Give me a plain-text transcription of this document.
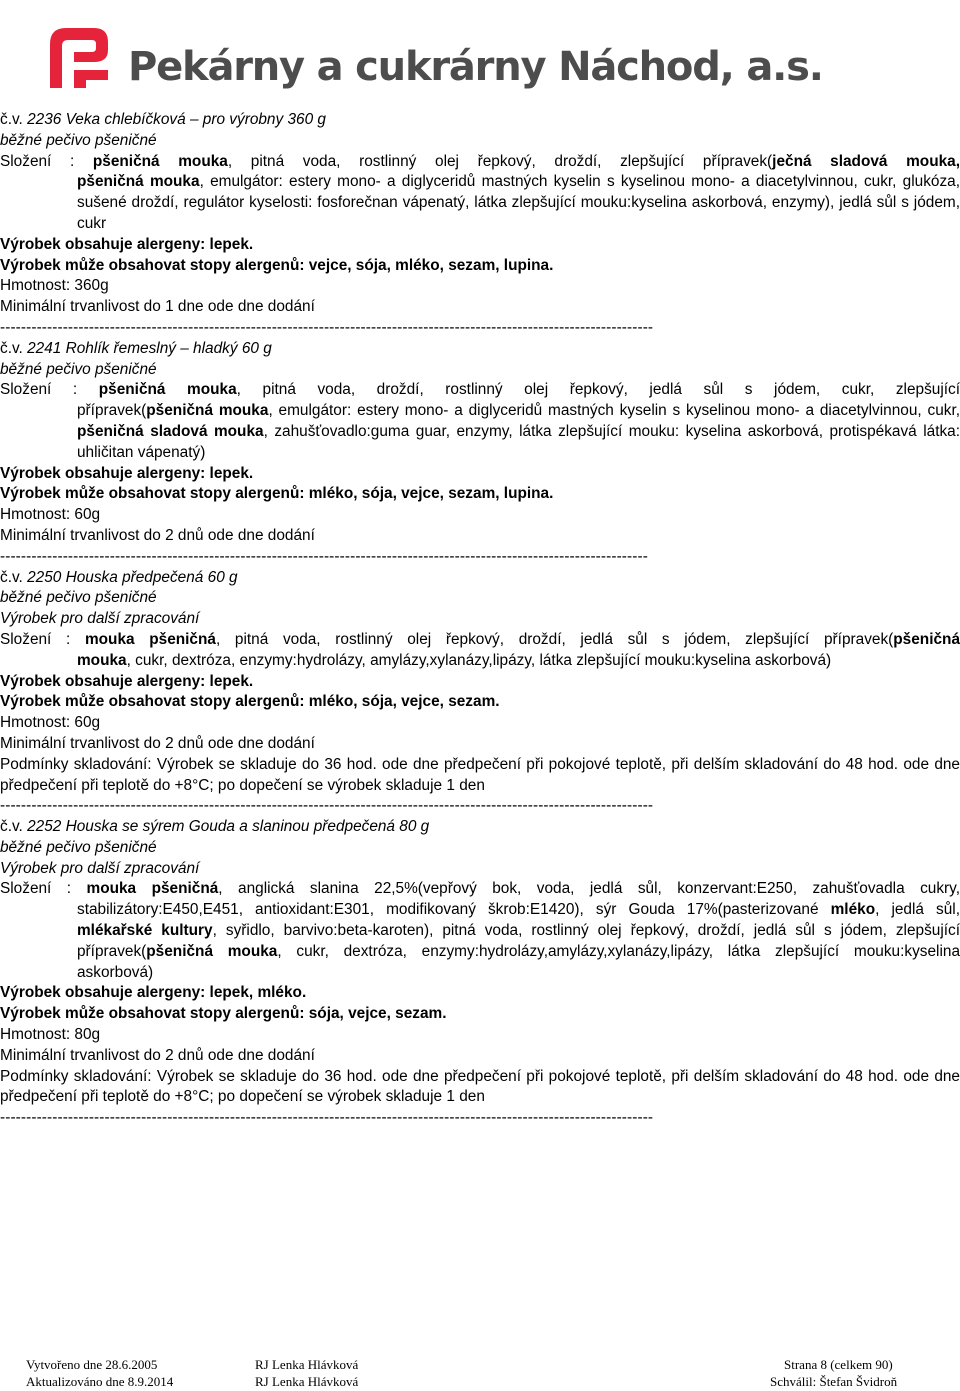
Pekárny a cukrárny Náchod, a.s.
č.v. 2236 Veka chlebíčková – pro výrobny 360 g
běžné pečivo pšeničné
Složení : pšeničná mouka, pitná voda, rostlinný olej řepkový, droždí, zlepšující přípravek(ječná sladová mouka,
pšeničná mouka, emulgátor: estery mono- a diglyceridů mastných kyselin s kyselinou mono- a diacetylvinnou, cukr, glukóza, sušené droždí, regulátor kyselosti: fosforečnan vápenatý, látka zlepšující mouku:kyselina askorbová, enzymy), jedlá sůl s jódem, cukr
Výrobek obsahuje alergeny: lepek.
Výrobek může obsahovat stopy alergenů: vejce, sója, mléko, sezam, lupina.
Hmotnost: 360g
Minimální trvanlivost do 1 dne ode dne dodání
-----------------------------------------------------------------------------------------------------------------------------
č.v. 2241 Rohlík řemeslný – hladký 60 g
běžné pečivo pšeničné
Složení : pšeničná mouka, pitná voda, droždí, rostlinný olej řepkový, jedlá sůl s jódem, cukr, zlepšující
přípravek(pšeničná mouka, emulgátor: estery mono- a diglyceridů mastných kyselin s kyselinou mono- a diacetylvinnou, cukr, pšeničná sladová mouka, zahušťovadlo:guma guar, enzymy, látka zlepšující mouku: kyselina askorbová, protispékavá látka: uhličitan vápenatý)
Výrobek obsahuje alergeny: lepek.
Výrobek může obsahovat stopy alergenů: mléko, sója, vejce, sezam, lupina.
Hmotnost: 60g
Minimální trvanlivost do 2 dnů ode dne dodání
----------------------------------------------------------------------------------------------------------------------------
č.v. 2250 Houska předpečená 60 g
běžné pečivo pšeničné
Výrobek pro další zpracování
Složení : mouka pšeničná, pitná voda, rostlinný olej řepkový, droždí, jedlá sůl s jódem, zlepšující přípravek(pšeničná
mouka, cukr, dextróza, enzymy:hydrolázy, amylázy,xylanázy,lipázy, látka zlepšující mouku:kyselina askorbová)
Výrobek obsahuje alergeny: lepek.
Výrobek může obsahovat stopy alergenů: mléko, sója, vejce, sezam.
Hmotnost: 60g
Minimální trvanlivost do 2 dnů ode dne dodání
Podmínky skladování: Výrobek se skladuje do 36 hod. ode dne předpečení při pokojové teplotě, při delším skladování do 48 hod. ode dne předpečení při teplotě do +8°C; po dopečení se výrobek skladuje 1 den
-----------------------------------------------------------------------------------------------------------------------------
č.v. 2252 Houska se sýrem Gouda a slaninou předpečená 80 g
běžné pečivo pšeničné
Výrobek pro další zpracování
Složení : mouka pšeničná, anglická slanina 22,5%(vepřový bok, voda, jedlá sůl, konzervant:E250, zahušťovadla cukry,
stabilizátory:E450,E451, antioxidant:E301, modifikovaný škrob:E1420), sýr Gouda 17%(pasterizované mléko, jedlá sůl, mlékařské kultury, syřidlo, barvivo:beta-karoten), pitná voda, rostlinný olej řepkový, droždí, jedlá sůl s jódem, zlepšující přípravek(pšeničná mouka, cukr, dextróza, enzymy:hydrolázy,amylázy,xylanázy,lipázy, látka zlepšující mouku:kyselina askorbová)
Výrobek obsahuje alergeny: lepek, mléko.
Výrobek může obsahovat stopy alergenů: sója, vejce, sezam.
Hmotnost: 80g
Minimální trvanlivost do 2 dnů ode dne dodání
Podmínky skladování: Výrobek se skladuje do 36 hod. ode dne předpečení při pokojové teplotě, při delším skladování do 48 hod. ode dne předpečení při teplotě do +8°C; po dopečení se výrobek skladuje 1 den
-----------------------------------------------------------------------------------------------------------------------------
Vytvořeno dne 28.6.2005
Aktualizováno dne 8.9.2014
RJ Lenka Hlávková
RJ Lenka Hlávková
Strana 8 (celkem 90)
Schválil: Štefan Švidroň
